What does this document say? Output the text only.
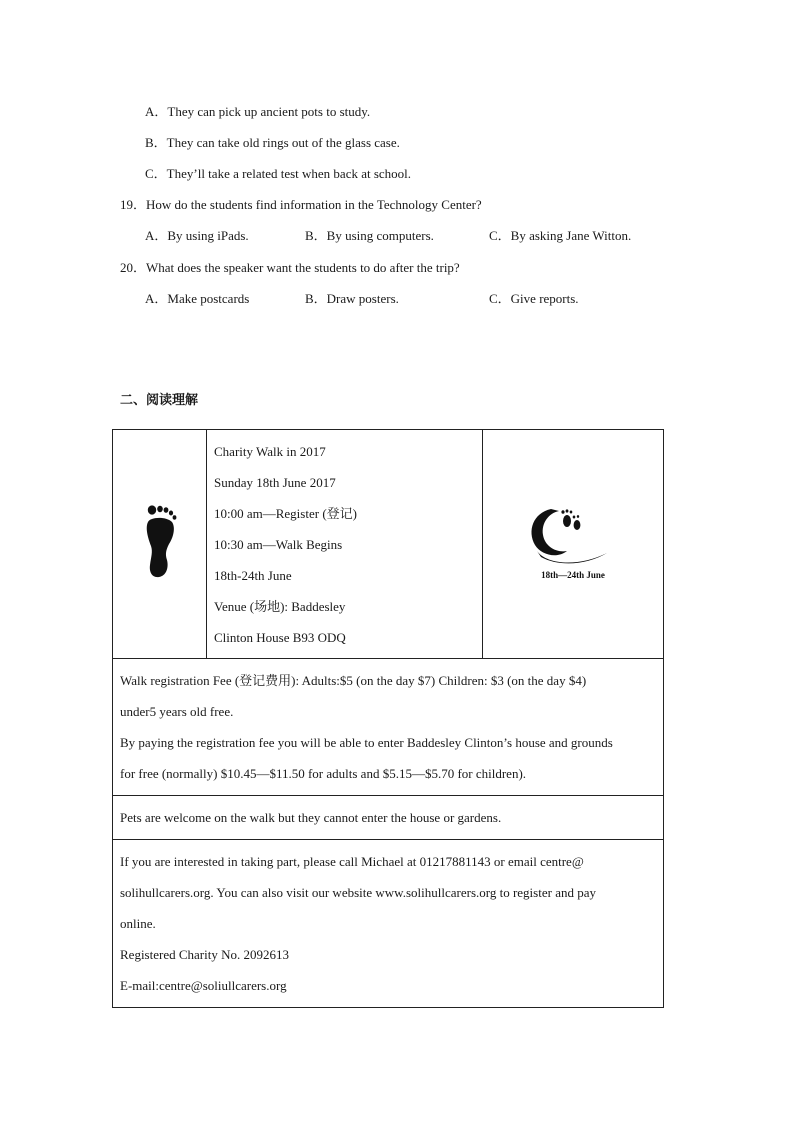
A．They can pick up ancient pots to study.
B．They can take old rings out of the glass case.
C．They’ll take a related test when back at school.
19．How do the students find information in the Technology Center?
A．By using iPads.	B．By using computers.	C．By asking Jane Witton.
20．What does the speaker want the students to do after the trip?
A．Make postcards	B．Draw posters.	C．Give reports.
二、阅读理解

Charity Walk in 2017
Sunday 18th June 2017
10:00 am—Register (登记)
10:30 am—Walk Begins
18th-24th June
Venue (场地): Baddesley
Clinton House B93 ODQ

18th—24th June

Walk registration Fee (登记费用): Adults:$5 (on the day $7) Children: $3 (on the day $4)
under5 years old free.
By paying the registration fee you will be able to enter Baddesley Clinton’s house and grounds
for free (normally) $10.45—$11.50 for adults and $5.15—$5.70 for children).

Pets are welcome on the walk but they cannot enter the house or gardens.

If you are interested in taking part, please call Michael at 01217881143 or email centre@
solihullcarers.org. You can also visit our website www.solihullcarers.org to register and pay
online.
Registered Charity No. 2092613
E-mail:centre@soliullcarers.org
